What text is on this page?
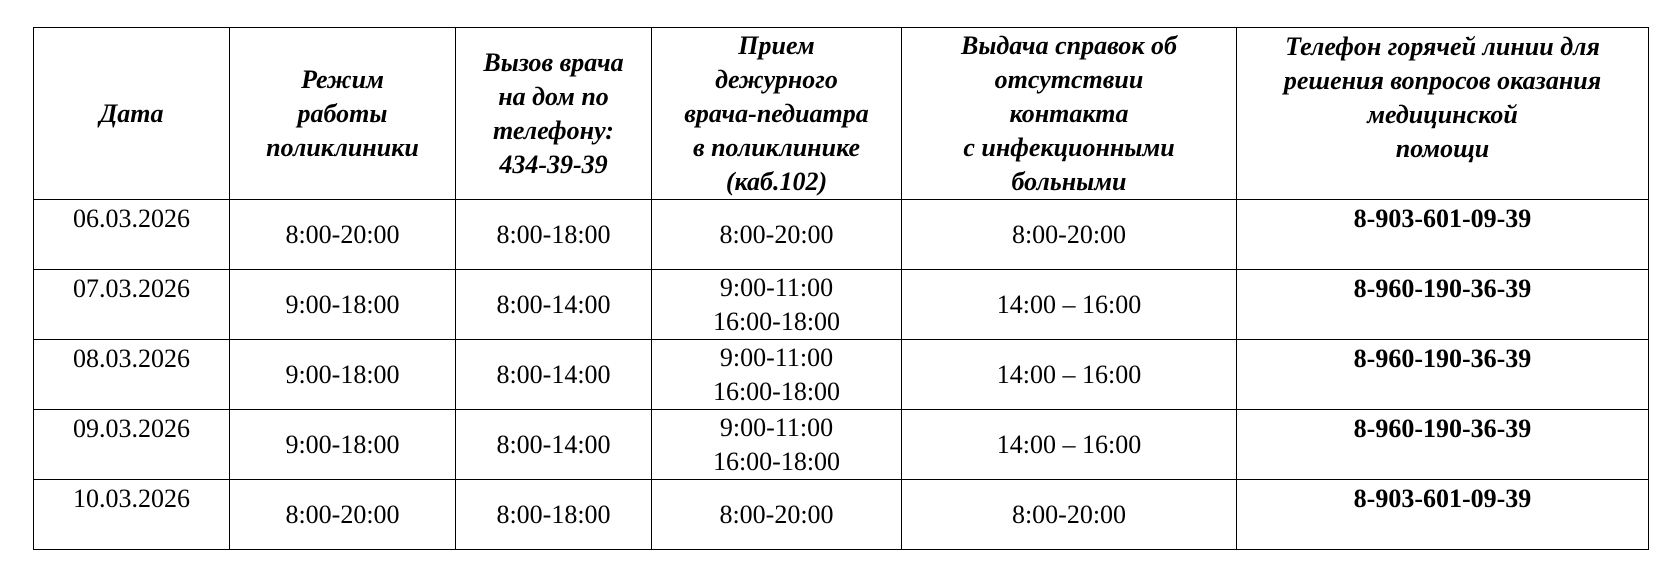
Дата	Режим
работы
поликлиники	Вызов врача
на дом по
телефону:
434-39-39	Прием
дежурного
врача-педиатра
в поликлинике
(каб.102)	Выдача справок об
отсутствии
контакта
с инфекционными
больными	Телефон горячей линии для
решения вопросов оказания
медицинской
помощи

06.03.2026	8:00-20:00	8:00-18:00	8:00-20:00	8:00-20:00	8-903-601-09-39
07.03.2026	9:00-18:00	8:00-14:00	9:00-11:00
16:00-18:00	14:00 – 16:00	8-960-190-36-39
08.03.2026	9:00-18:00	8:00-14:00	9:00-11:00
16:00-18:00	14:00 – 16:00	8-960-190-36-39
09.03.2026	9:00-18:00	8:00-14:00	9:00-11:00
16:00-18:00	14:00 – 16:00	8-960-190-36-39
10.03.2026	8:00-20:00	8:00-18:00	8:00-20:00	8:00-20:00	8-903-601-09-39
